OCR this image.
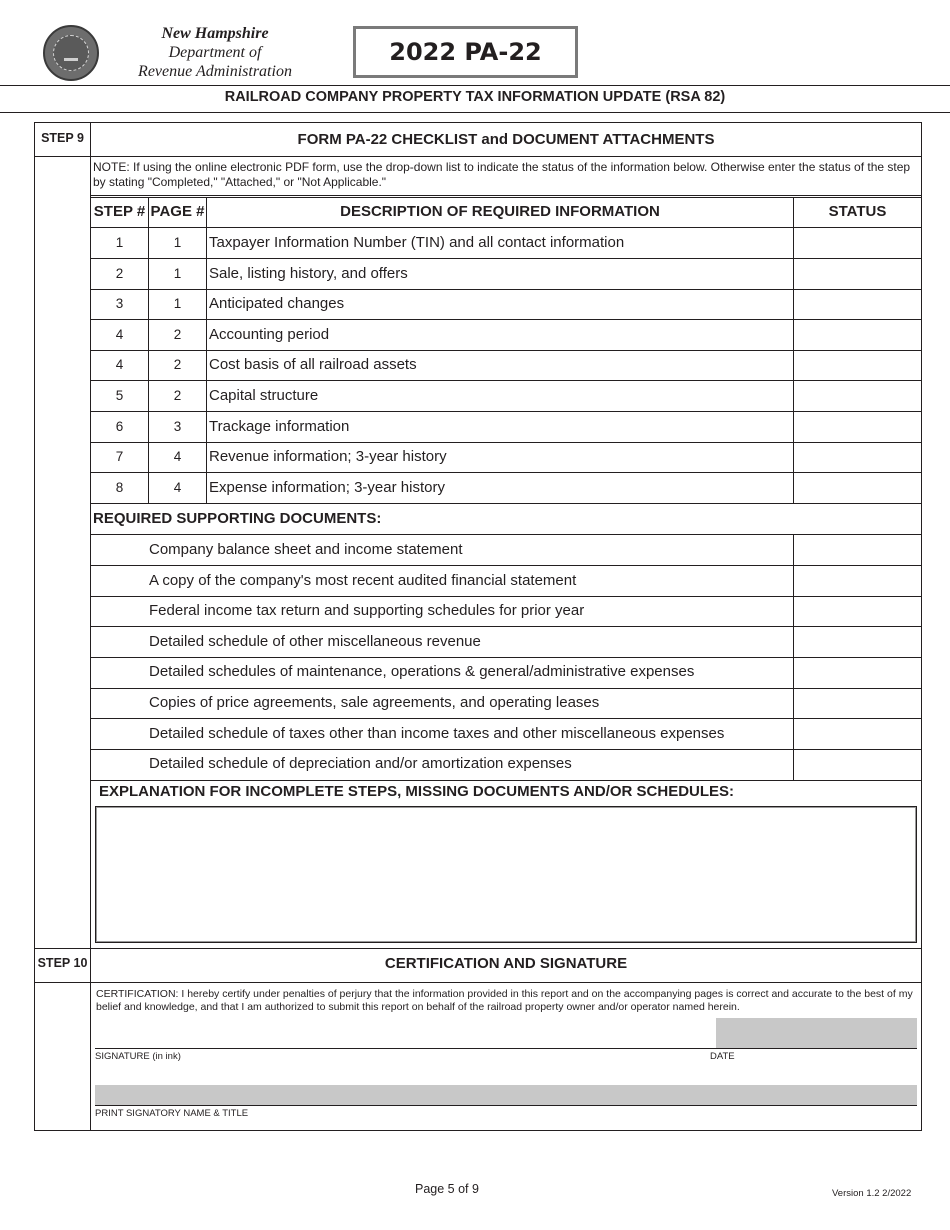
New Hampshire
Department of
Revenue Administration
2022 PA-22
RAILROAD COMPANY PROPERTY TAX INFORMATION UPDATE (RSA 82)
STEP 9	FORM PA-22 CHECKLIST and DOCUMENT ATTACHMENTS
NOTE: If using the online electronic PDF form, use the drop-down list to indicate the status of the information below. Otherwise enter the status of the step by stating "Completed," "Attached," or "Not Applicable."
STEP # PAGE #	DESCRIPTION OF REQUIRED INFORMATION	STATUS
1	1	Taxpayer Information Number (TIN) and all contact information
2	1	Sale, listing history, and offers
3	1	Anticipated changes
4	2	Accounting period
4	2	Cost basis of all railroad assets
5	2	Capital structure
6	3	Trackage information
7	4	Revenue information; 3-year history
8	4	Expense information; 3-year history
REQUIRED SUPPORTING DOCUMENTS:
Company balance sheet and income statement
A copy of the company's most recent audited financial statement
Federal income tax return and supporting schedules for prior year
Detailed schedule of other miscellaneous revenue
Detailed schedules of maintenance, operations & general/administrative expenses
Copies of price agreements, sale agreements, and operating leases
Detailed schedule of taxes other than income taxes and other miscellaneous expenses
Detailed schedule of depreciation and/or amortization expenses
EXPLANATION FOR INCOMPLETE STEPS, MISSING DOCUMENTS AND/OR SCHEDULES:
STEP 10	CERTIFICATION AND SIGNATURE
CERTIFICATION: I hereby certify under penalties of perjury that the information provided in this report and on the accompanying pages is correct and accurate to the best of my belief and knowledge, and that I am authorized to submit this report on behalf of the railroad property owner and/or operator named herein.
SIGNATURE (in ink)	DATE
PRINT SIGNATORY NAME & TITLE
Page 5 of 9	Version 1.2 2/2022
